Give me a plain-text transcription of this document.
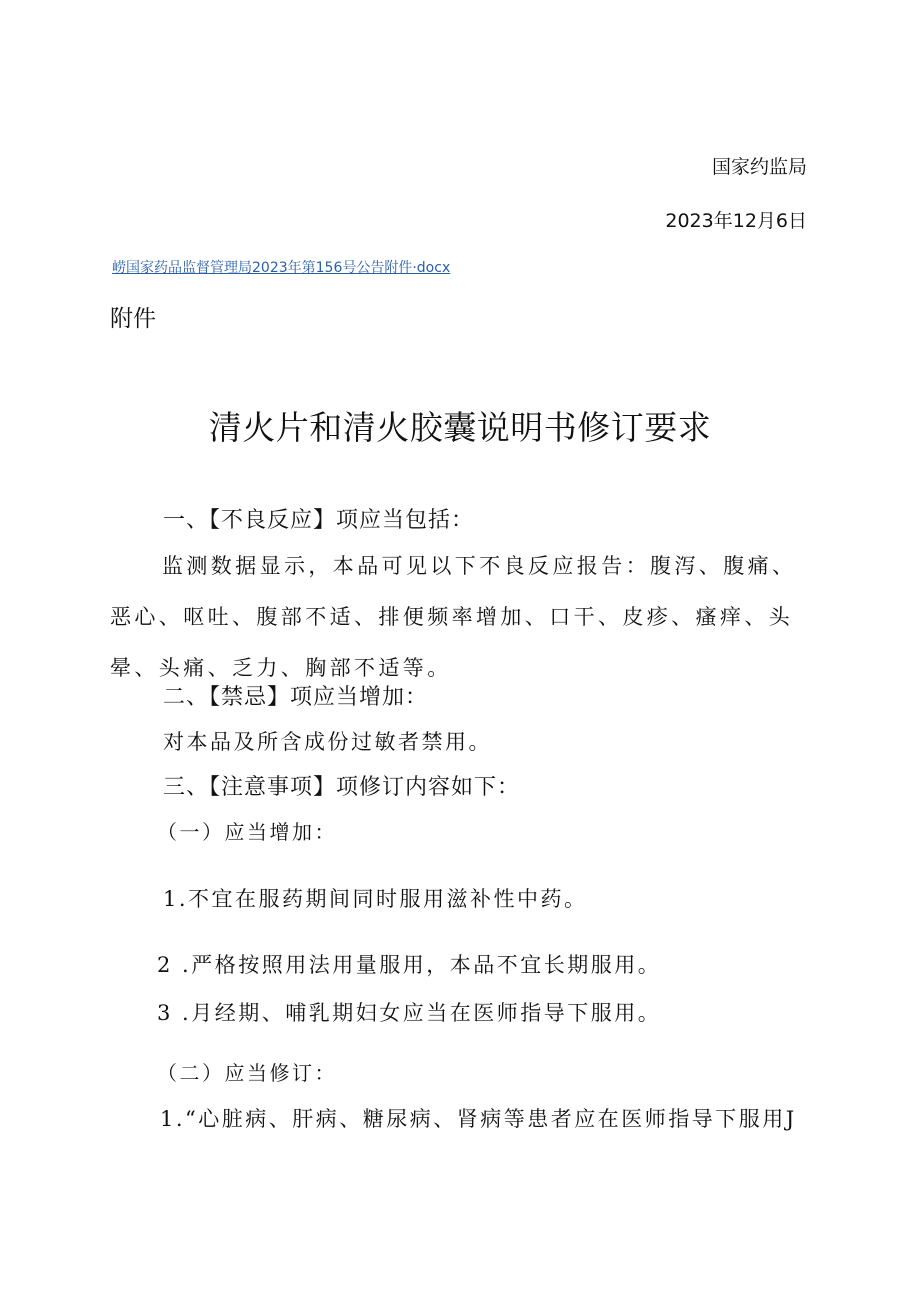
国家约监局
2023年12月6日
崂国家药品监督管理局2023年第156号公告附件·docx
附件
清火片和清火胶囊说明书修订要求
一、【不良反应】项应当包括：
监测数据显示，本品可见以下不良反应报告：腹泻、腹痛、恶心、呕吐、腹部不适、排便频率增加、口干、皮疹、瘙痒、头晕、头痛、乏力、胸部不适等。
二、【禁忌】项应当增加：
对本品及所含成份过敏者禁用。
三、【注意事项】项修订内容如下：
（一）应当增加：
1.不宜在服药期间同时服用滋补性中药。
2 .严格按照用法用量服用，本品不宜长期服用。
3 .月经期、哺乳期妇女应当在医师指导下服用。
（二）应当修订：
1.“心脏病、肝病、糖尿病、肾病等患者应在医师指导下服用J
